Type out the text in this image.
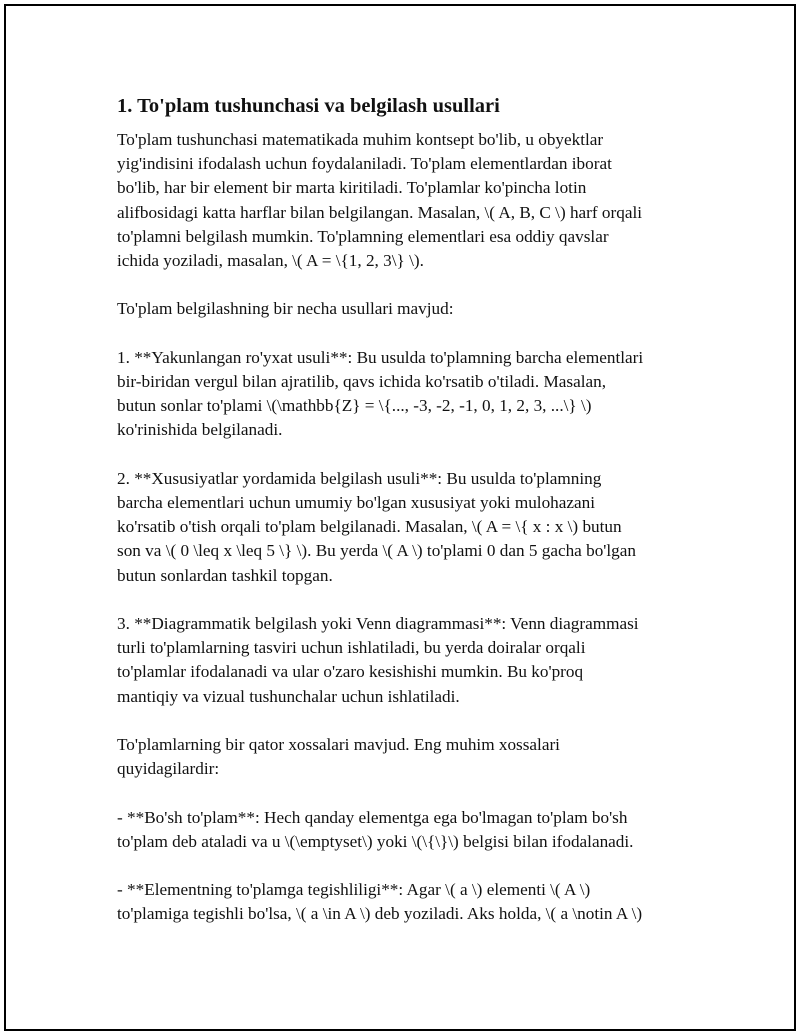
1. To'plam tushunchasi va belgilash usullari
To'plam tushunchasi matematikada muhim kontsept bo'lib, u obyektlar
yig'indisini ifodalash uchun foydalaniladi. To'plam elementlardan iborat
bo'lib, har bir element bir marta kiritiladi. To'plamlar ko'pincha lotin
alifbosidagi katta harflar bilan belgilangan. Masalan, \( A, B, C \) harf orqali
to'plamni belgilash mumkin. To'plamning elementlari esa oddiy qavslar
ichida yoziladi, masalan, \( A = \{1, 2, 3\} \).
To'plam belgilashning bir necha usullari mavjud:
1. **Yakunlangan ro'yxat usuli**: Bu usulda to'plamning barcha elementlari
bir-biridan vergul bilan ajratilib, qavs ichida ko'rsatib o'tiladi. Masalan,
butun sonlar to'plami \(\mathbb{Z} = \{..., -3, -2, -1, 0, 1, 2, 3, ...\} \)
ko'rinishida belgilanadi.
2. **Xususiyatlar yordamida belgilash usuli**: Bu usulda to'plamning
barcha elementlari uchun umumiy bo'lgan xususiyat yoki mulohazani
ko'rsatib o'tish orqali to'plam belgilanadi. Masalan, \( A = \{ x : x \) butun
son va \( 0 \leq x \leq 5 \} \). Bu yerda \( A \) to'plami 0 dan 5 gacha bo'lgan
butun sonlardan tashkil topgan.
3. **Diagrammatik belgilash yoki Venn diagrammasi**: Venn diagrammasi
turli to'plamlarning tasviri uchun ishlatiladi, bu yerda doiralar orqali
to'plamlar ifodalanadi va ular o'zaro kesishishi mumkin. Bu ko'proq
mantiqiy va vizual tushunchalar uchun ishlatiladi.
To'plamlarning bir qator xossalari mavjud. Eng muhim xossalari
quyidagilardir:
- **Bo'sh to'plam**: Hech qanday elementga ega bo'lmagan to'plam bo'sh
to'plam deb ataladi va u \(\emptyset\) yoki \(\{\}\) belgisi bilan ifodalanadi.
- **Elementning to'plamga tegishliligi**: Agar \( a \) elementi \( A \)
to'plamiga tegishli bo'lsa, \( a \in A \) deb yoziladi. Aks holda, \( a \notin A \)
